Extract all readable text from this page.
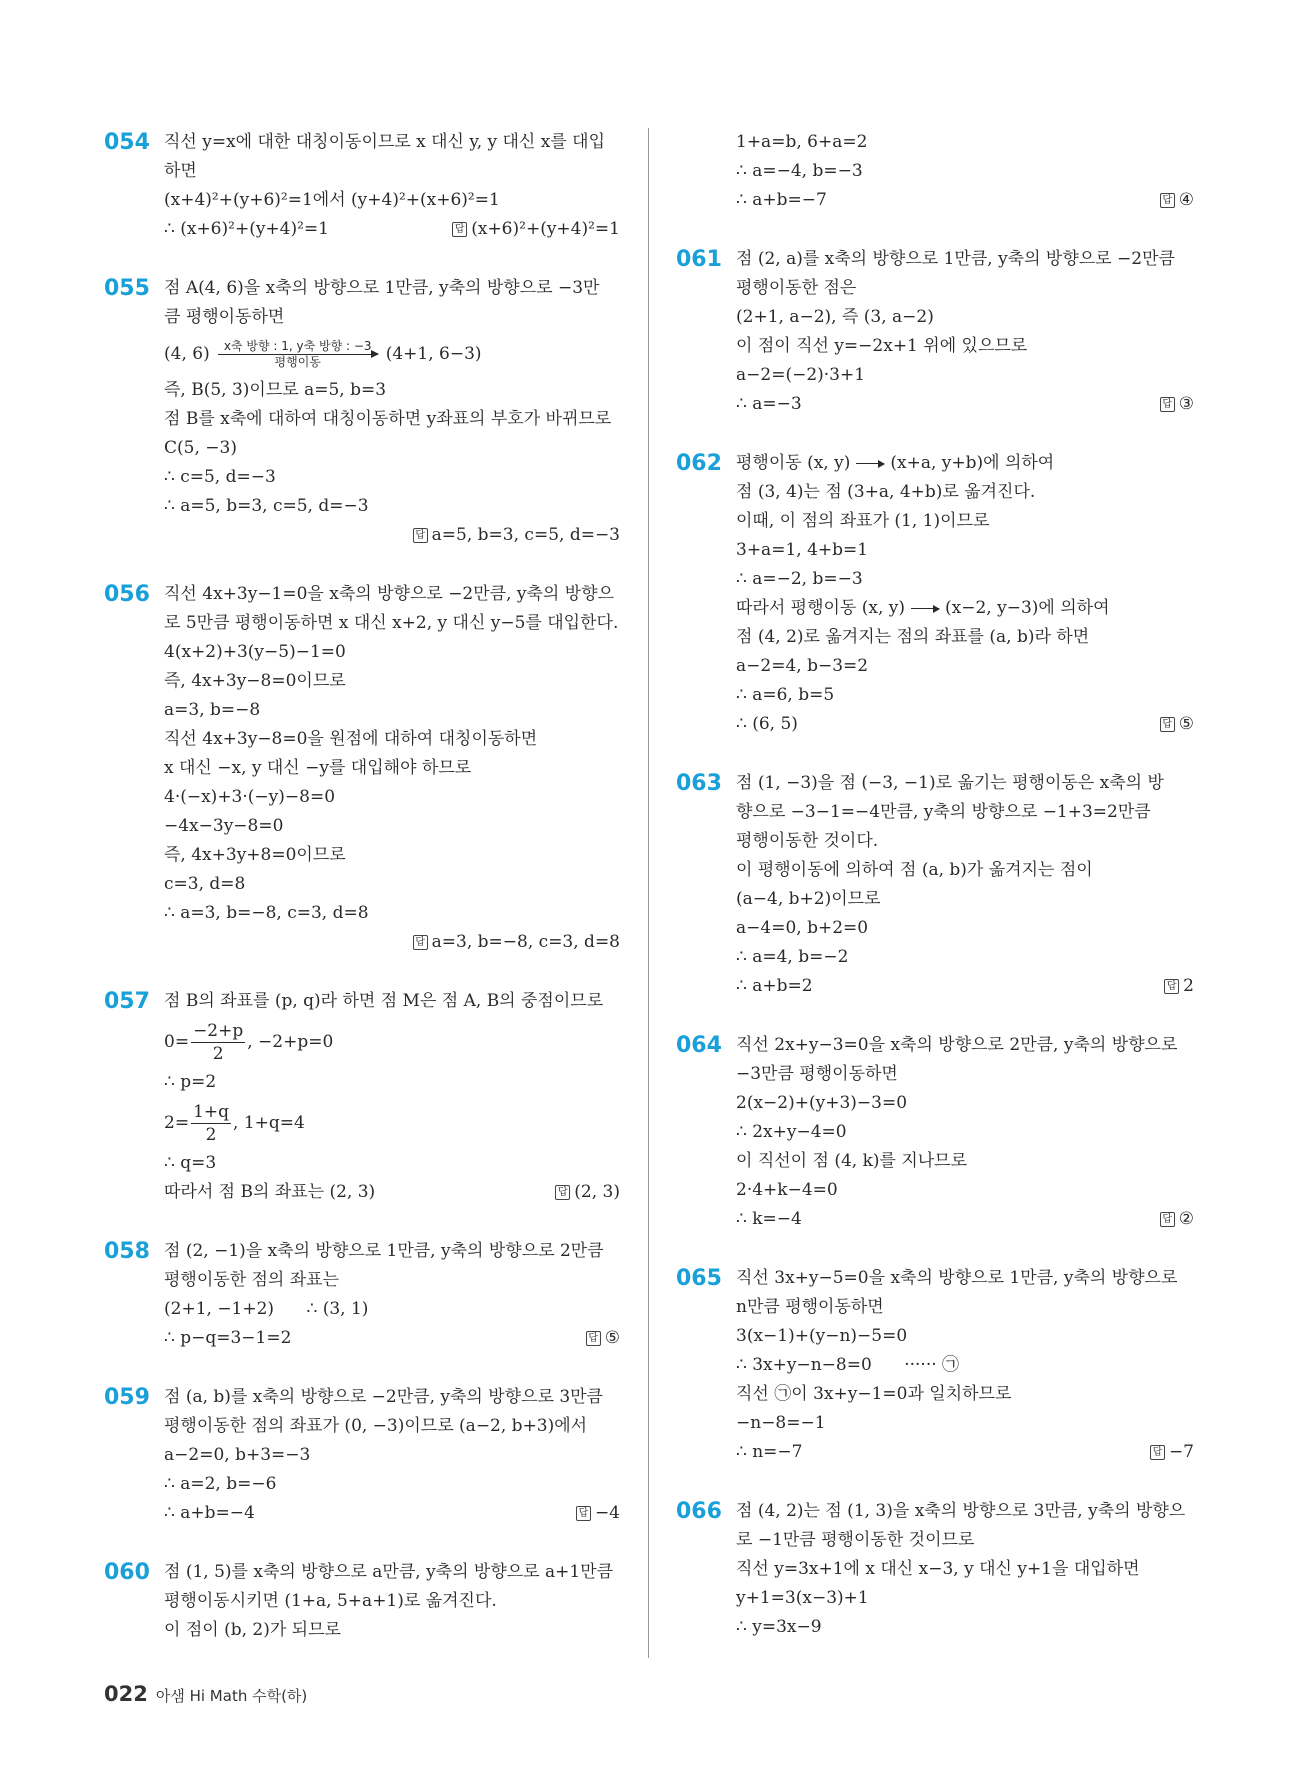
054 직선 y=x에 대한 대칭이동이므로 x 대신 y, y 대신 x를 대입
하면
(x+4)²+(y+6)²=1에서 (y+4)²+(x+6)²=1
∴ (x+6)²+(y+4)²=1	답 (x+6)²+(y+4)²=1
055 점 A(4, 6)을 x축의 방향으로 1만큼, y축의 방향으로 −3만
큼 평행이동하면
(4, 6) x축 방향 : 1, y축 방향 : −3
평행이동	(4+1, 6−3)
즉, B(5, 3)이므로 a=5, b=3
점 B를 x축에 대하여 대칭이동하면 y좌표의 부호가 바뀌므로
C(5, −3)
∴ c=5, d=−3
∴ a=5, b=3, c=5, d=−3
답 a=5, b=3, c=5, d=−3
056 직선 4x+3y−1=0을 x축의 방향으로 −2만큼, y축의 방향으
로 5만큼 평행이동하면 x 대신 x+2, y 대신 y−5를 대입한다.
4(x+2)+3(y−5)−1=0
즉, 4x+3y−8=0이므로
a=3, b=−8
직선 4x+3y−8=0을 원점에 대하여 대칭이동하면
x 대신 −x, y 대신 −y를 대입해야 하므로
4·(−x)+3·(−y)−8=0
−4x−3y−8=0
즉, 4x+3y+8=0이므로
c=3, d=8
∴ a=3, b=−8, c=3, d=8
답 a=3, b=−8, c=3, d=8
057 점 B의 좌표를 (p, q)라 하면 점 M은 점 A, B의 중점이므로
$0= \frac{-2+p}{2}$ , −2+p=0
∴ p=2
$2= \frac{1+q}{2}$ , 1+q=4
∴ q=3
따라서 점 B의 좌표는 (2, 3)	답 (2, 3)
058 점 (2, −1)을 x축의 방향으로 1만큼, y축의 방향으로 2만큼
평행이동한 점의 좌표는
(2+1, −1+2)      ∴ (3, 1)
∴ p−q=3−1=2	답 ⑤
059 점 (a, b)를 x축의 방향으로 −2만큼, y축의 방향으로 3만큼
평행이동한 점의 좌표가 (0, −3)이므로 (a−2, b+3)에서
a−2=0, b+3=−3
∴ a=2, b=−6
∴ a+b=−4	답 −4
060 점 (1, 5)를 x축의 방향으로 a만큼, y축의 방향으로 a+1만큼
평행이동시키면 (1+a, 5+a+1)로 옮겨진다.
이 점이 (b, 2)가 되므로
1+a=b, 6+a=2
∴ a=−4, b=−3
∴ a+b=−7	답 ④
061 점 (2, a)를 x축의 방향으로 1만큼, y축의 방향으로 −2만큼
평행이동한 점은
(2+1, a−2), 즉 (3, a−2)
이 점이 직선 y=−2x+1 위에 있으므로
a−2=(−2)·3+1
∴ a=−3	답 ③
062 평행이동 (x, y) (x+a, y+b)에 의하여
점 (3, 4)는 점 (3+a, 4+b)로 옮겨진다.
이때, 이 점의 좌표가 (1, 1)이므로
3+a=1, 4+b=1
∴ a=−2, b=−3
따라서 평행이동 (x, y) (x−2, y−3)에 의하여
점 (4, 2)로 옮겨지는 점의 좌표를 (a, b)라 하면
a−2=4, b−3=2
∴ a=6, b=5
∴ (6, 5)	답 ⑤
063 점 (1, −3)을 점 (−3, −1)로 옮기는 평행이동은 x축의 방
향으로 −3−1=−4만큼, y축의 방향으로 −1+3=2만큼
평행이동한 것이다.
이 평행이동에 의하여 점 (a, b)가 옮겨지는 점이
(a−4, b+2)이므로
a−4=0, b+2=0
∴ a=4, b=−2
∴ a+b=2	답 2
064 직선 2x+y−3=0을 x축의 방향으로 2만큼, y축의 방향으로
−3만큼 평행이동하면
2(x−2)+(y+3)−3=0
∴ 2x+y−4=0
이 직선이 점 (4, k)를 지나므로
2·4+k−4=0
∴ k=−4	답 ②
065 직선 3x+y−5=0을 x축의 방향으로 1만큼, y축의 방향으로
n만큼 평행이동하면
3(x−1)+(y−n)−5=0
∴ 3x+y−n−8=0      ······ ㉠
직선 ㉠이 3x+y−1=0과 일치하므로
−n−8=−1
∴ n=−7	답 −7
066 점 (4, 2)는 점 (1, 3)을 x축의 방향으로 3만큼, y축의 방향으
로 −1만큼 평행이동한 것이므로
직선 y=3x+1에 x 대신 x−3, y 대신 y+1을 대입하면
y+1=3(x−3)+1
∴ y=3x−9
022 아샘 Hi Math 수학(하)
